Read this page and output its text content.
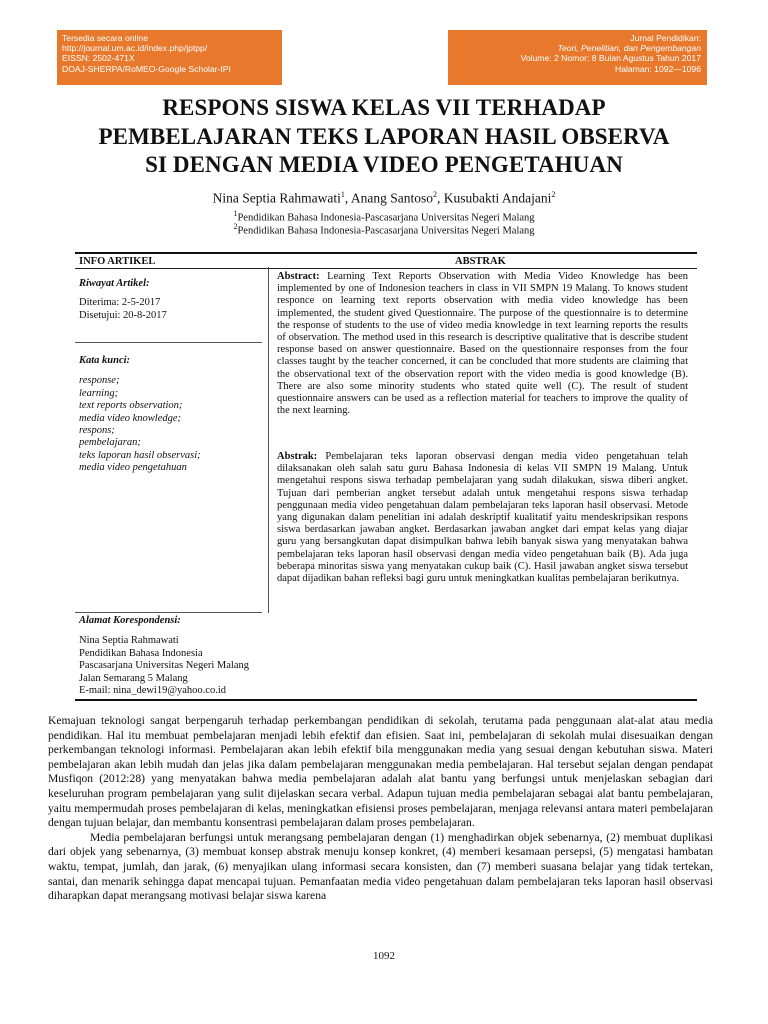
Tersedia secara online
http://journal.um.ac.id/index.php/jptpp/
EISSN: 2502-471X
DOAJ-SHERPA/RoMEO-Google Scholar-IPI
Jurnal Pendidikan:
Teori, Penelitian, dan Pengembangan
Volume: 2 Nomor: 8 Bulan Agustus Tahun 2017
Halaman: 1092—1096
RESPONS SISWA KELAS VII TERHADAP
PEMBELAJARAN TEKS LAPORAN HASIL OBSERVA
SI DENGAN MEDIA VIDEO PENGETAHUAN
Nina Septia Rahmawati$^1$, Anang Santoso$^2$, Kusubakti Andajani$^2$
$^1$Pendidikan Bahasa Indonesia-Pascasarjana Universitas Negeri Malang
$^2$Pendidikan Bahasa Indonesia-Pascasarjana Universitas Negeri Malang
INFO ARTIKEL	ABSTRAK
Riwayat Artikel:
Diterima: 2-5-2017
Disetujui: 20-8-2017
Kata kunci:
response;
learning;
text reports observation;
media video knowledge;
respons;
pembelajaran;
teks laporan hasil observasi;
media video pengetahuan
Alamat Korespondensi:
Nina Septia Rahmawati
Pendidikan Bahasa Indonesia
Pascasarjana Universitas Negeri Malang
Jalan Semarang 5 Malang
E-mail: nina_dewi19@yahoo.co.id
Abstract: Learning Text Reports Observation with Media Video Knowledge has been implemented by one of Indonesion teachers in class in VII SMPN 19 Malang. To knows student responce on learning text reports observation with media video knowledge has been implemented, the student gived Questionnaire. The purpose of the questionnaire is to determine the response of students to the use of video media knowledge in text learning reports the results of observation. The method used in this research is descriptive qualitative that is describe student response based on answer questionnaire. Based on the questionnaire responses from the four classes taught by the teacher concerned, it can be concluded that more students are claiming that the observational text of the observation report with the video media is good knowledge (B). There are also some minority students who stated quite well (C). The result of student questionnaire answers can be used as a reflection material for teachers to improve the quality of the next learning.
Abstrak: Pembelajaran teks laporan observasi dengan media video pengetahuan telah dilaksanakan oleh salah satu guru Bahasa Indonesia di kelas VII SMPN 19 Malang. Untuk mengetahui respons siswa terhadap pembelajaran yang sudah dilakukan, siswa diberi angket. Tujuan dari pemberian angket tersebut adalah untuk mengetahui respons siswa terhadap penggunaan media video pengetahuan dalam pembelajaran teks laporan hasil observasi. Metode yang digunakan dalam penelitian ini adalah deskriptif kualitatif yaitu mendeskripsikan respons siswa berdasarkan jawaban angket. Berdasarkan jawaban angket dari empat kelas yang diajar guru yang bersangkutan dapat disimpulkan bahwa lebih banyak siswa yang menyatakan bahwa pembelajaran teks laporan hasil observasi dengan media video pengetahuan baik (B). Ada juga beberapa minoritas siswa yang menyatakan cukup baik (C). Hasil jawaban angket siswa tersebut dapat dijadikan bahan refleksi bagi guru untuk meningkatkan kualitas pembelajaran berikutnya.

Kemajuan teknologi sangat berpengaruh terhadap perkembangan pendidikan di sekolah, terutama pada penggunaan alat-alat atau media pendidikan. Hal itu membuat pembelajaran menjadi lebih efektif dan efisien. Saat ini, pembelajaran di sekolah mulai disesuaikan dengan perkembangan teknologi informasi. Pembelajaran akan lebih efektif bila menggunakan media yang sesuai dengan kebutuhan siswa. Materi pembelajaran akan lebih mudah dan jelas jika dalam pembelajaran menggunakan media pembelajaran. Hal tersebut sejalan dengan pendapat Musfiqon (2012:28) yang menyatakan bahwa media pembelajaran adalah alat bantu yang berfungsi untuk menjelaskan sebagian dari keseluruhan program pembelajaran yang sulit dijelaskan secara verbal. Adapun tujuan media pembelajaran sebagai alat bantu pembelajaran, yaitu mempermudah proses pembelajaran di kelas, meningkatkan efisiensi proses pembelajaran, menjaga relevansi antara materi pembelajaran dengan tujuan belajar, dan membantu konsentrasi pembelajaran dalam proses pembelajaran.

Media pembelajaran berfungsi untuk merangsang pembelajaran dengan (1) menghadirkan objek sebenarnya, (2) membuat duplikasi dari objek yang sebenarnya, (3) membuat konsep abstrak menuju konsep konkret, (4) memberi kesamaan persepsi, (5) mengatasi hambatan waktu, tempat, jumlah, dan jarak, (6) menyajikan ulang informasi secara konsisten, dan (7) memberi suasana belajar yang tidak tertekan, santai, dan menarik sehingga dapat mencapai tujuan. Pemanfaatan media video pengetahuan dalam pembelajaran teks laporan hasil observasi diharapkan dapat merangsang motivasi belajar siswa karena

1092
